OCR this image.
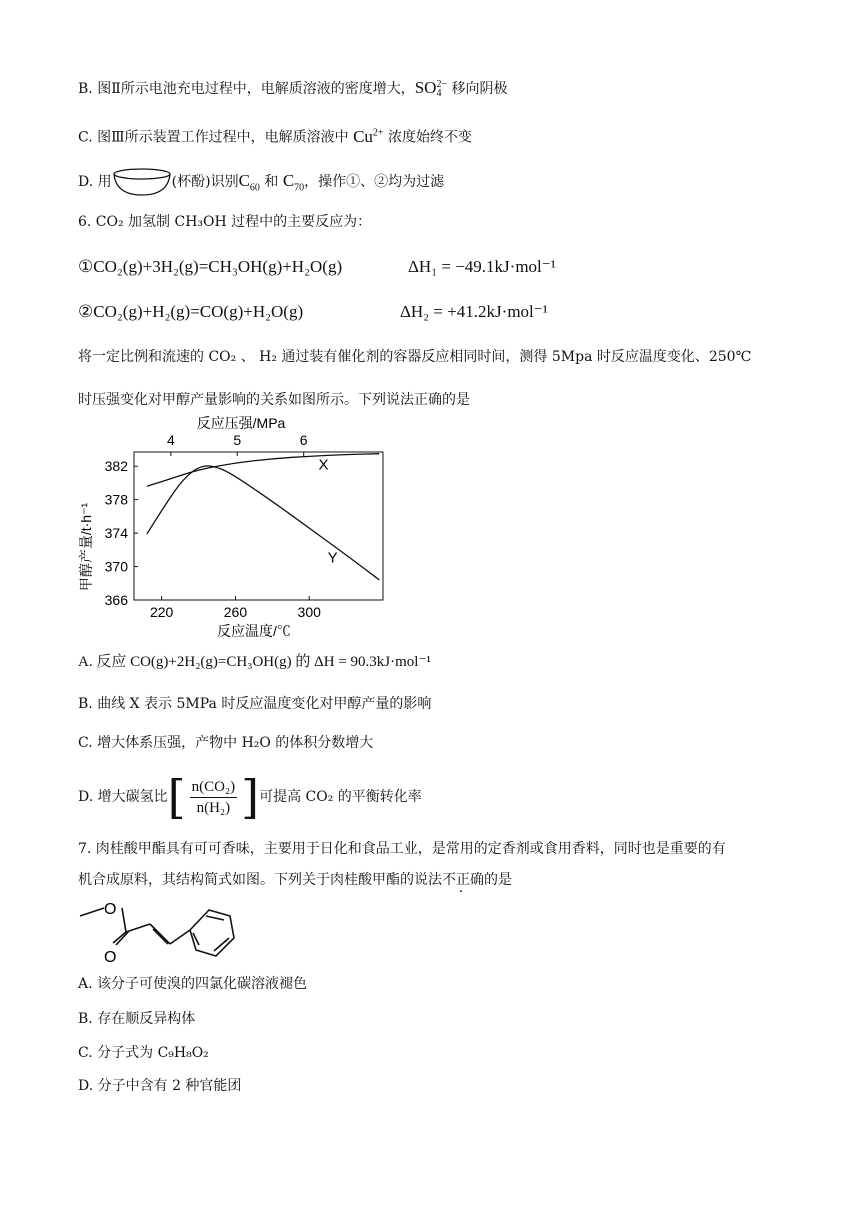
B. 图Ⅱ所示电池充电过程中，电解质溶液的密度增大，SO 2−
4 移向阴极
C. 图Ⅲ所示装置工作过程中，电解质溶液中 $Cu^{2+}$ 浓度始终不变
D. 用	(杯酚)识别$C_{60}$ 和 $C_{70}$，操作①、②均为过滤
6. CO₂ 加氢制 CH₃OH 过程中的主要反应为：
①CO₂(g)+3H₂(g)=CH₃OH(g)+H₂O(g)	ΔH₁ = −49.1kJ·mol⁻¹
②CO₂(g)+H₂(g)=CO(g)+H₂O(g)	ΔH₂ = +41.2kJ·mol⁻¹
将一定比例和流速的 CO₂ 、 H₂ 通过装有催化剂的容器反应相同时间，测得 5Mpa 时反应温度变化、250℃
时压强变化对甲醇产量影响的关系如图所示。下列说法正确的是
反应压强/MPa
甲醇产量/t·h⁻¹
反应温度/℃
4	5	6
220	260	300
366
370
374
378
382	X
Y
A. 反应 CO(g)+2H₂(g)=CH₃OH(g) 的 ΔH = 90.3kJ·mol⁻¹
B. 曲线 X 表示 5MPa 时反应温度变化对甲醇产量的影响
C. 增大体系压强，产物中 H₂O 的体积分数增大
D. 增大碳氢比 [ $\frac{\text{n(CO₂)}}{\text{n(H₂)}}$ ] 可提高 CO₂ 的平衡转化率
7. 肉桂酸甲酯具有可可香味，主要用于日化和食品工业，是常用的定香剂或食用香料，同时也是重要的有
机合成原料，其结构简式如图。下列关于肉桂酸甲酯的说法不正确的是
O
O
A. 该分子可使溴的四氯化碳溶液褪色
B. 存在顺反异构体
C. 分子式为 C₉H₈O₂
D. 分子中含有 2 种官能团
